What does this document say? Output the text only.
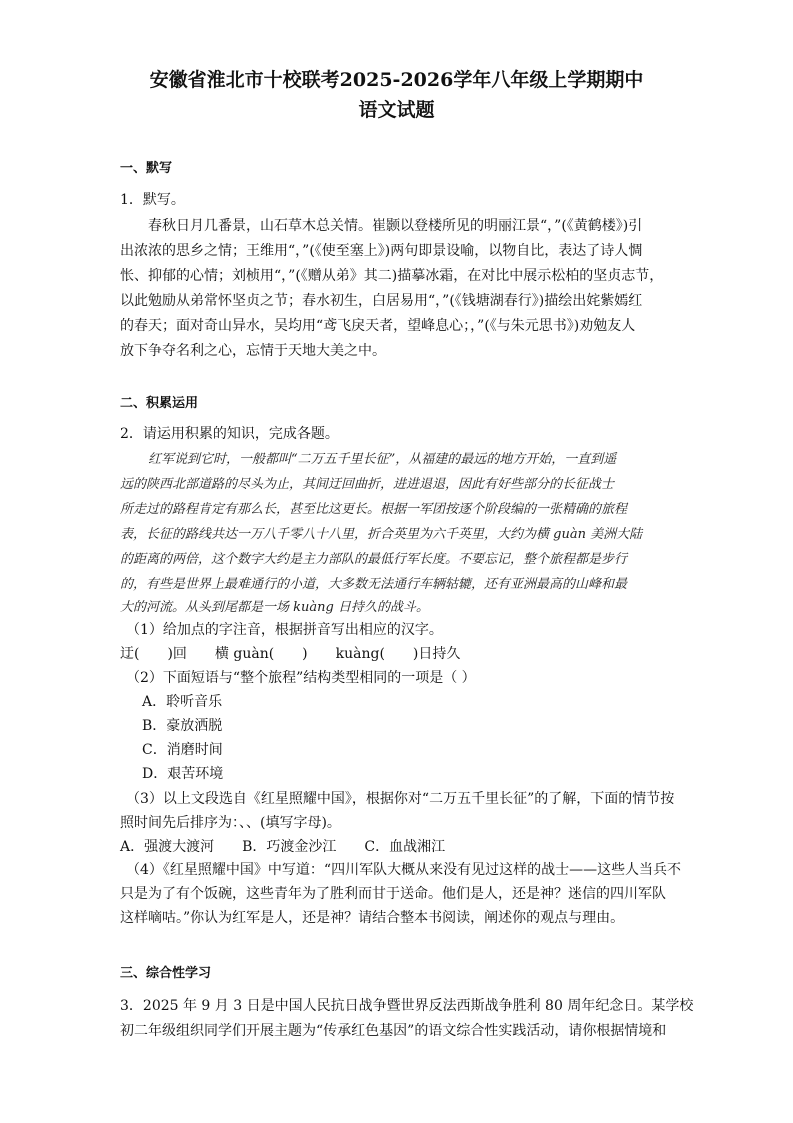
安徽省淮北市十校联考2025-2026学年八年级上学期期中
语文试题
一、默写
1．默写。
春秋日月几番景，山石草木总关情。崔颢以登楼所见的明丽江景“，”(《黄鹤楼》)引
出浓浓的思乡之情；王维用“，”(《使至塞上》)两句即景设喻，以物自比，表达了诗人惆
怅、抑郁的心情；刘桢用“，”(《赠从弟》其二)描摹冰霜，在对比中展示松柏的坚贞志节，
以此勉励从弟常怀坚贞之节；春水初生，白居易用“，”(《钱塘湖春行》)描绘出姹紫嫣红
的春天；面对奇山异水，吴均用“鸢飞戾天者，望峰息心；，”(《与朱元思书》)劝勉友人
放下争夺名利之心，忘情于天地大美之中。
二、积累运用
2．请运用积累的知识，完成各题。
红军说到它时，一般都叫“二万五千里长征”，从福建的最远的地方开始，一直到遥
远的陕西北部道路的尽头为止，其间迂回曲折，进进退退，因此有好些部分的长征战士
所走过的路程肯定有那么长，甚至比这更长。根据一军团按逐个阶段编的一张精确的旅程
表，长征的路线共达一万八千零八十八里，折合英里为六千英里，大约为横 guàn 美洲大陆
的距离的两倍，这个数字大约是主力部队的最低行军长度。不要忘记，整个旅程都是步行
的，有些是世界上最难通行的小道，大多数无法通行车辆轱辘，还有亚洲最高的山峰和最
大的河流。从头到尾都是一场 kuàng 日持久的战斗。
（1）给加点的字注音，根据拼音写出相应的汉字。
迂(　　)回　　横 guàn(　　)　　kuàng(　　)日持久
（2）下面短语与“整个旅程”结构类型相同的一项是（ ）
A．聆听音乐
B．豪放洒脱
C．消磨时间
D．艰苦环境
（3）以上文段选自《红星照耀中国》，根据你对“二万五千里长征”的了解，下面的情节按
照时间先后排序为：、、(填写字母)。
A．强渡大渡河　　B．巧渡金沙江　　C．血战湘江
（4）《红星照耀中国》中写道：“四川军队大概从来没有见过这样的战士——这些人当兵不
只是为了有个饭碗，这些青年为了胜利而甘于送命。他们是人，还是神？迷信的四川军队
这样嘀咕。”你认为红军是人，还是神？请结合整本书阅读，阐述你的观点与理由。
三、综合性学习
3．2025 年 9 月 3 日是中国人民抗日战争暨世界反法西斯战争胜利 80 周年纪念日。某学校
初二年级组织同学们开展主题为“传承红色基因”的语文综合性实践活动，请你根据情境和
